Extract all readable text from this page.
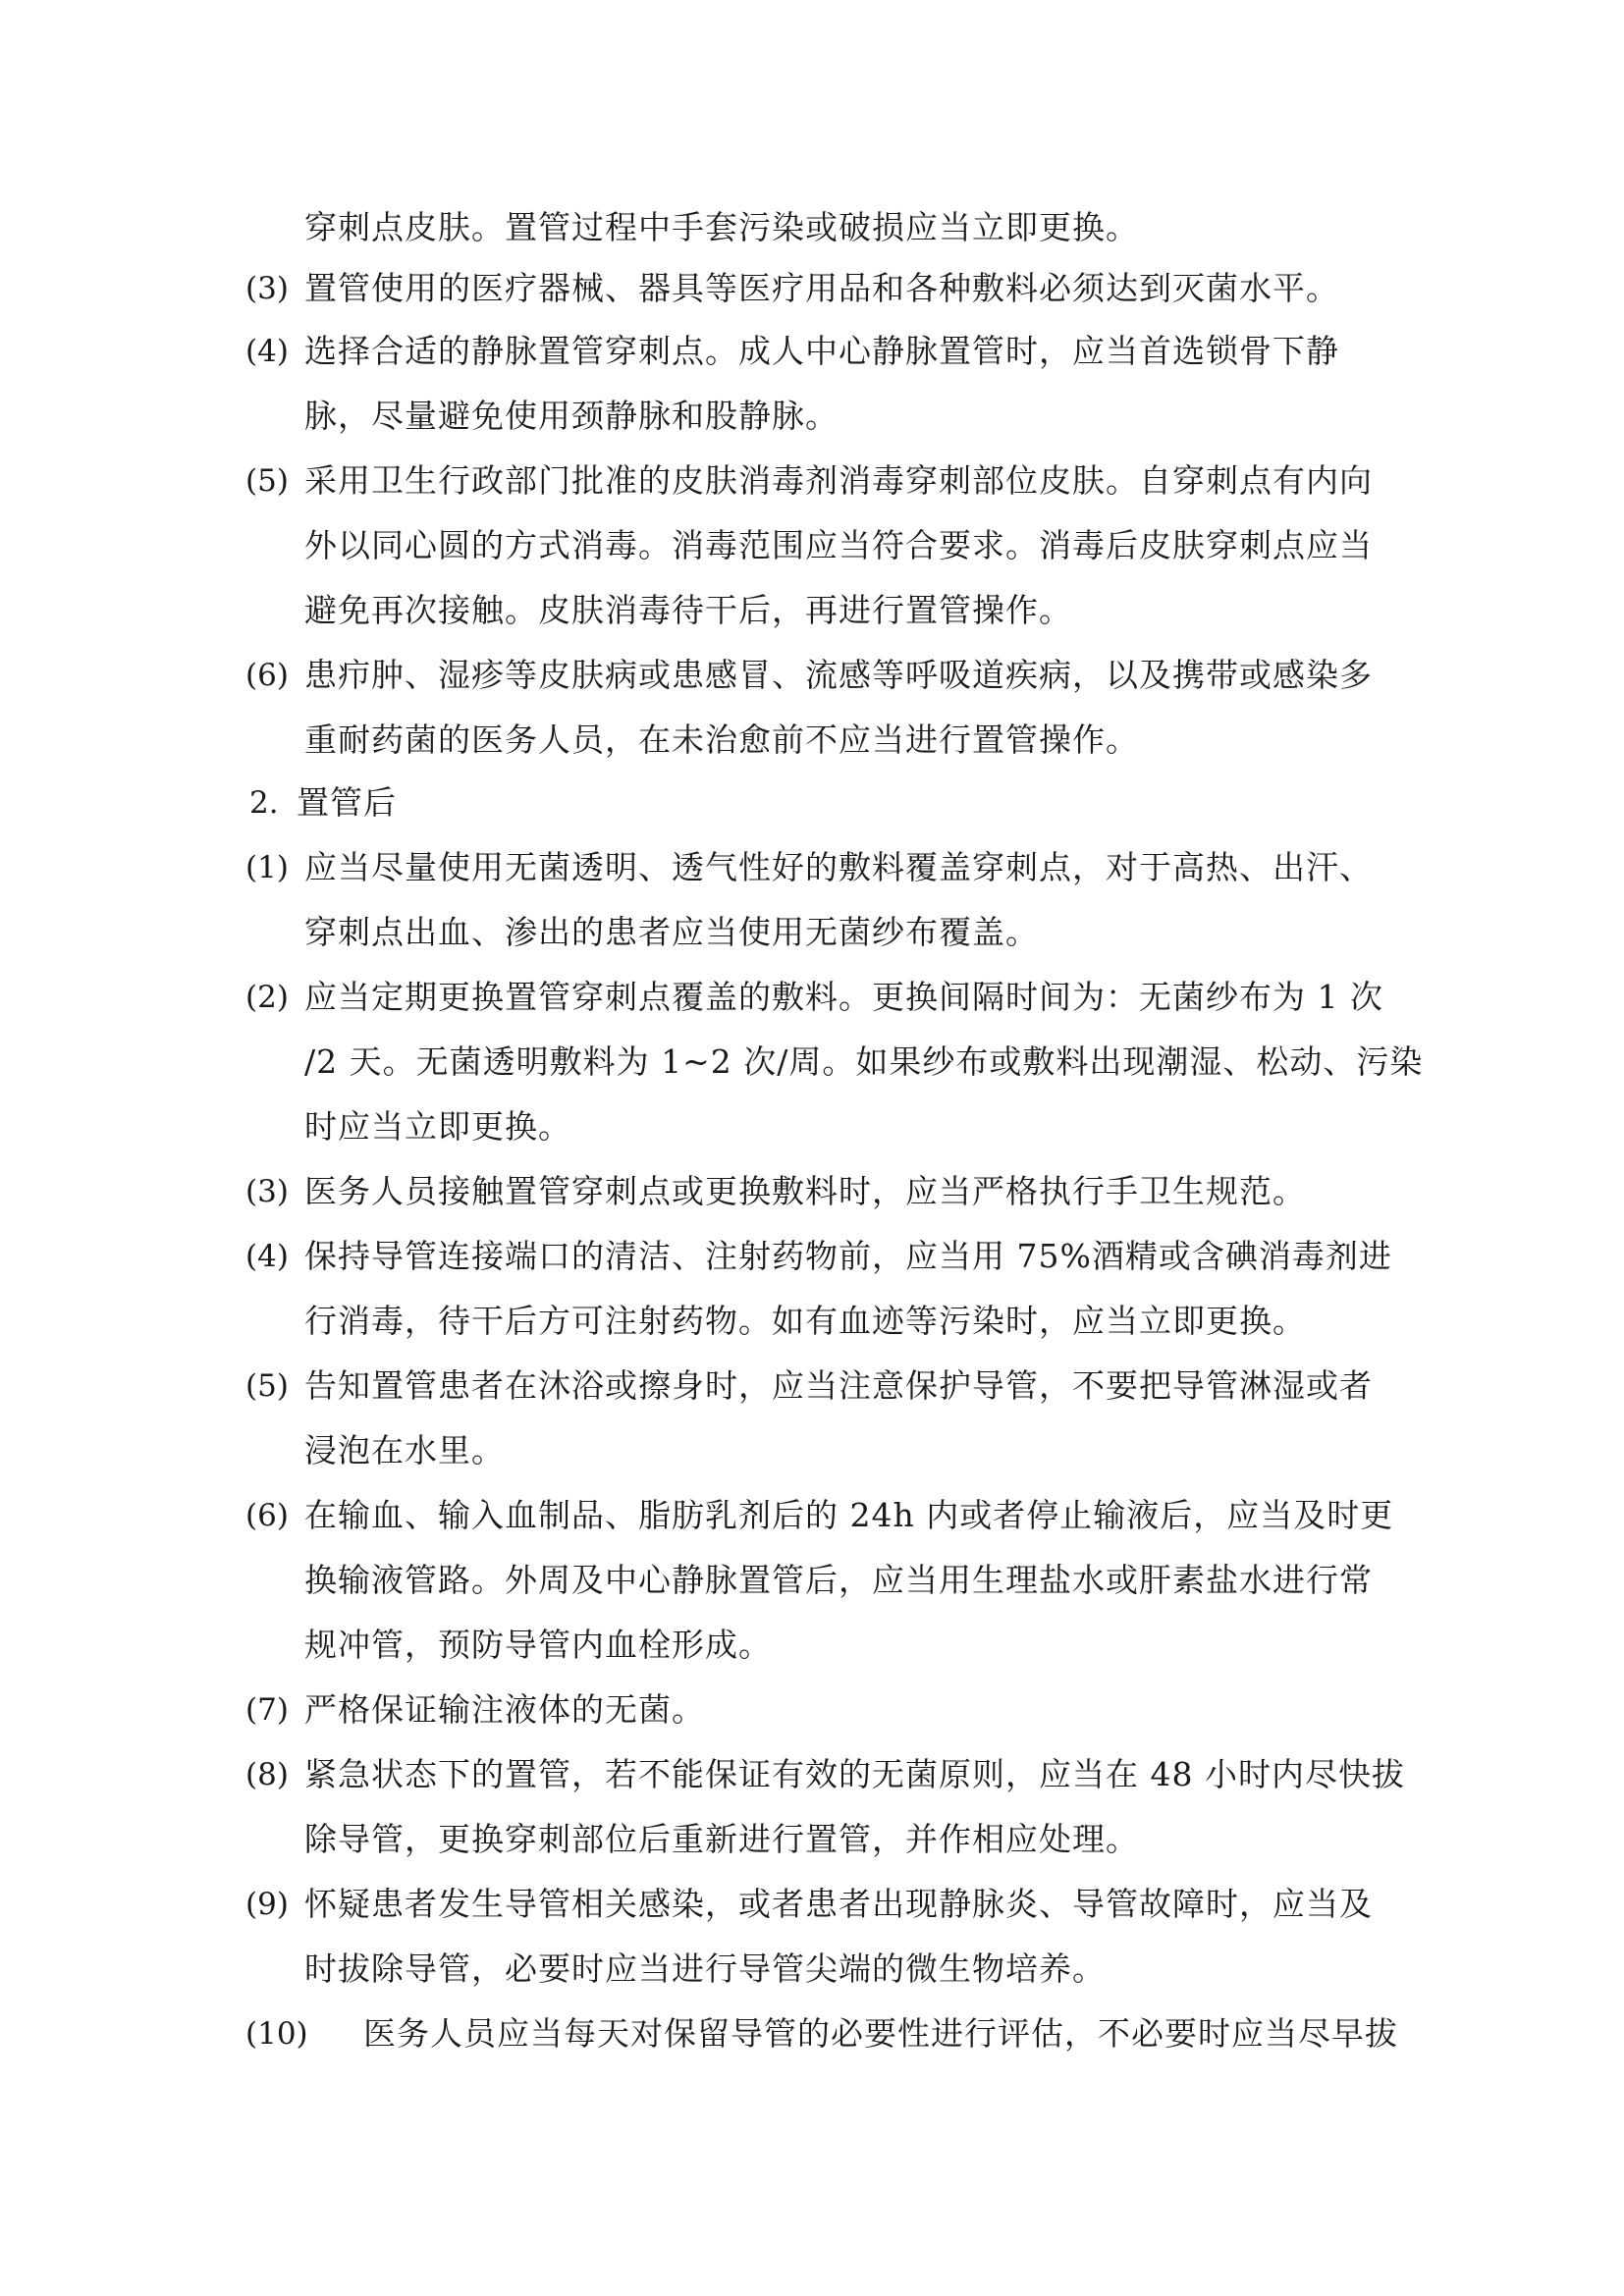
穿刺点皮肤。置管过程中手套污染或破损应当立即更换。
(3) 置管使用的医疗器械、器具等医疗用品和各种敷料必须达到灭菌水平。
(4) 选择合适的静脉置管穿刺点。成人中心静脉置管时，应当首选锁骨下静
脉，尽量避免使用颈静脉和股静脉。
(5) 采用卫生行政部门批准的皮肤消毒剂消毒穿刺部位皮肤。自穿刺点有内向
外以同心圆的方式消毒。消毒范围应当符合要求。消毒后皮肤穿刺点应当
避免再次接触。皮肤消毒待干后，再进行置管操作。
(6) 患疖肿、湿疹等皮肤病或患感冒、流感等呼吸道疾病，以及携带或感染多
重耐药菌的医务人员，在未治愈前不应当进行置管操作。
2. 置管后
(1) 应当尽量使用无菌透明、透气性好的敷料覆盖穿刺点，对于高热、出汗、
穿刺点出血、渗出的患者应当使用无菌纱布覆盖。
(2) 应当定期更换置管穿刺点覆盖的敷料。更换间隔时间为：无菌纱布为 1 次
/2 天。无菌透明敷料为 1~2 次/周。如果纱布或敷料出现潮湿、松动、污染
时应当立即更换。
(3) 医务人员接触置管穿刺点或更换敷料时，应当严格执行手卫生规范。
(4) 保持导管连接端口的清洁、注射药物前，应当用 75%酒精或含碘消毒剂进
行消毒，待干后方可注射药物。如有血迹等污染时，应当立即更换。
(5) 告知置管患者在沐浴或擦身时，应当注意保护导管，不要把导管淋湿或者
浸泡在水里。
(6) 在输血、输入血制品、脂肪乳剂后的 24h 内或者停止输液后，应当及时更
换输液管路。外周及中心静脉置管后，应当用生理盐水或肝素盐水进行常
规冲管，预防导管内血栓形成。
(7) 严格保证输注液体的无菌。
(8) 紧急状态下的置管，若不能保证有效的无菌原则，应当在 48 小时内尽快拔
除导管，更换穿刺部位后重新进行置管，并作相应处理。
(9) 怀疑患者发生导管相关感染，或者患者出现静脉炎、导管故障时，应当及
时拔除导管，必要时应当进行导管尖端的微生物培养。
(10) 医务人员应当每天对保留导管的必要性进行评估，不必要时应当尽早拔
